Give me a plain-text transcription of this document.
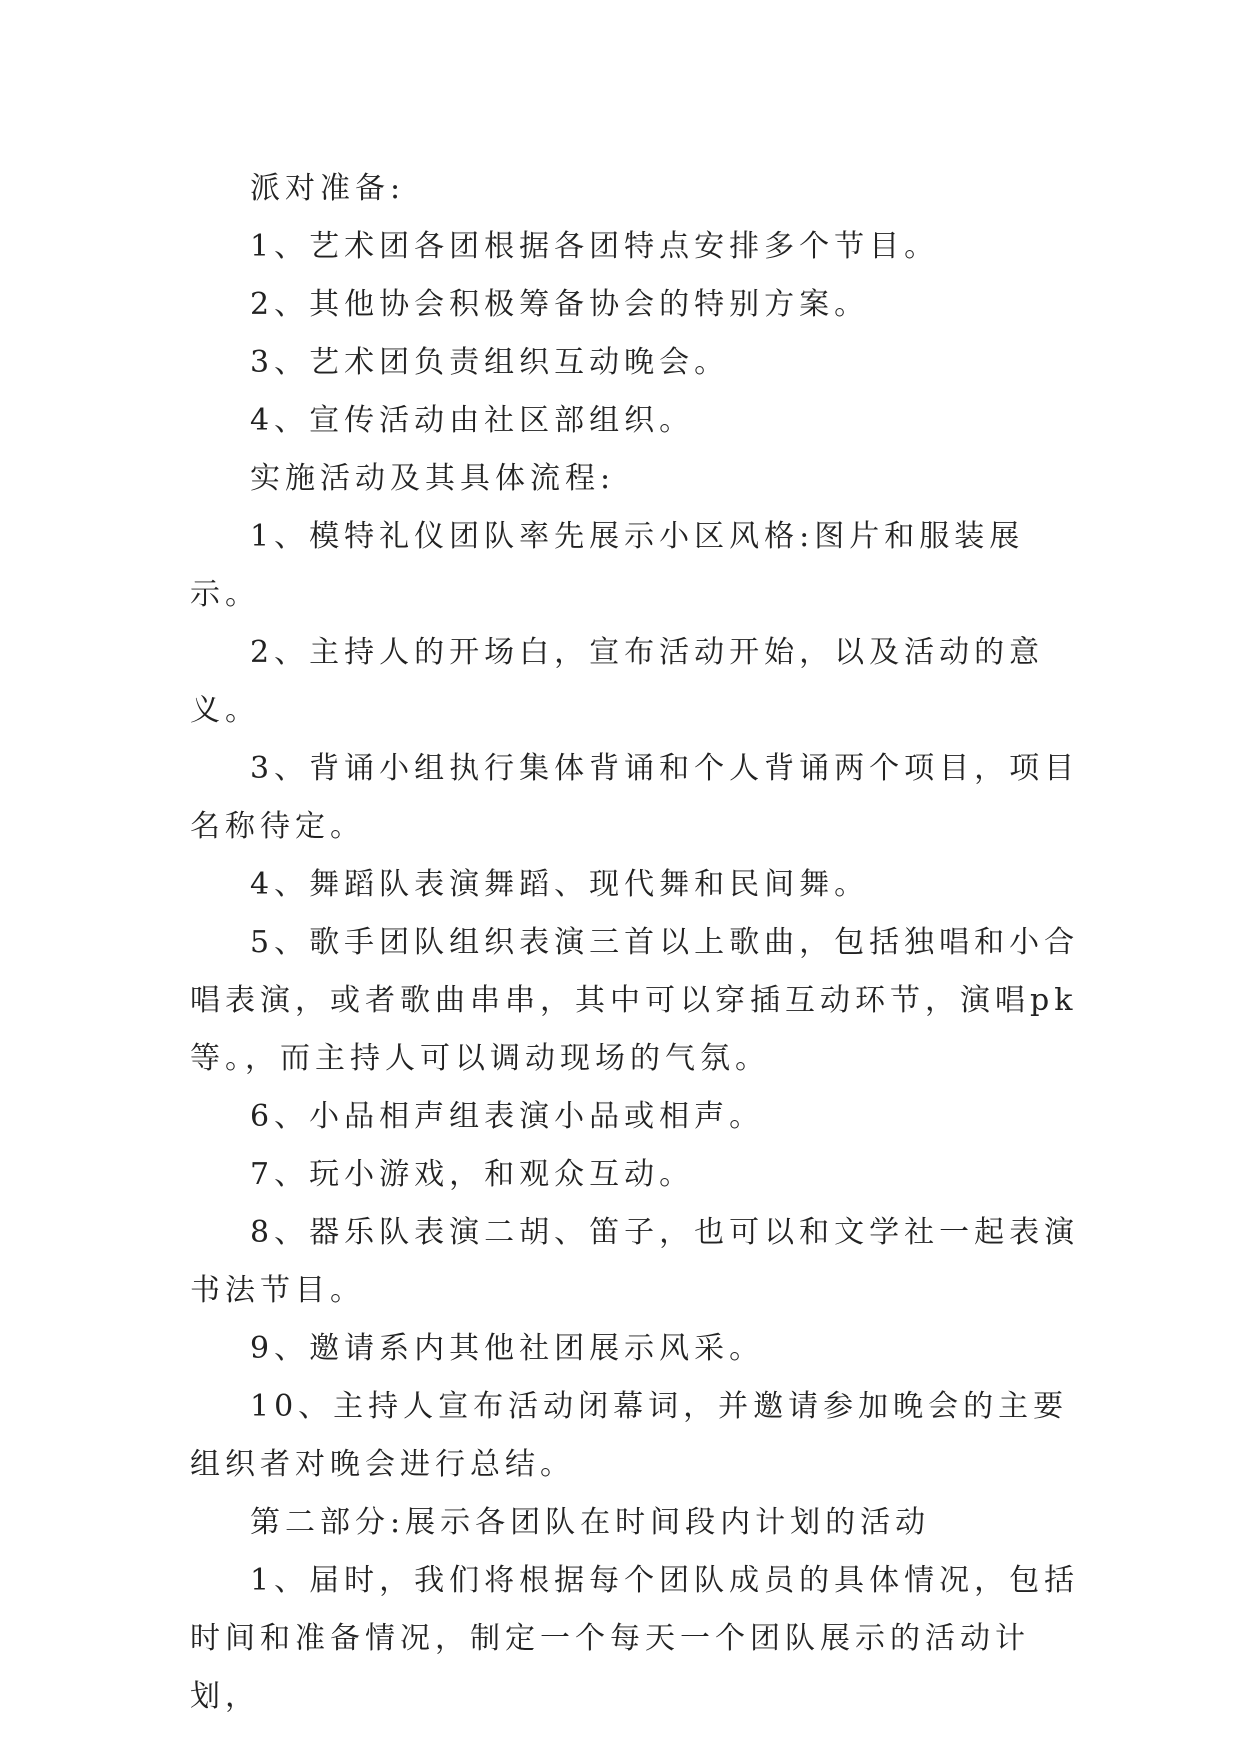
派对准备:

1、艺术团各团根据各团特点安排多个节目。

2、其他协会积极筹备协会的特别方案。

3、艺术团负责组织互动晚会。

4、宣传活动由社区部组织。

实施活动及其具体流程:

1、模特礼仪团队率先展示小区风格:图片和服装展示。

2、主持人的开场白，宣布活动开始，以及活动的意义。

3、背诵小组执行集体背诵和个人背诵两个项目，项目名称待定。

4、舞蹈队表演舞蹈、现代舞和民间舞。

5、歌手团队组织表演三首以上歌曲，包括独唱和小合唱表演，或者歌曲串串，其中可以穿插互动环节，演唱pk等。，而主持人可以调动现场的气氛。

6、小品相声组表演小品或相声。

7、玩小游戏，和观众互动。

8、器乐队表演二胡、笛子，也可以和文学社一起表演书法节目。

9、邀请系内其他社团展示风采。

10、主持人宣布活动闭幕词，并邀请参加晚会的主要组织者对晚会进行总结。

第二部分:展示各团队在时间段内计划的活动

1、届时，我们将根据每个团队成员的具体情况，包括时间和准备情况，制定一个每天一个团队展示的活动计划，
